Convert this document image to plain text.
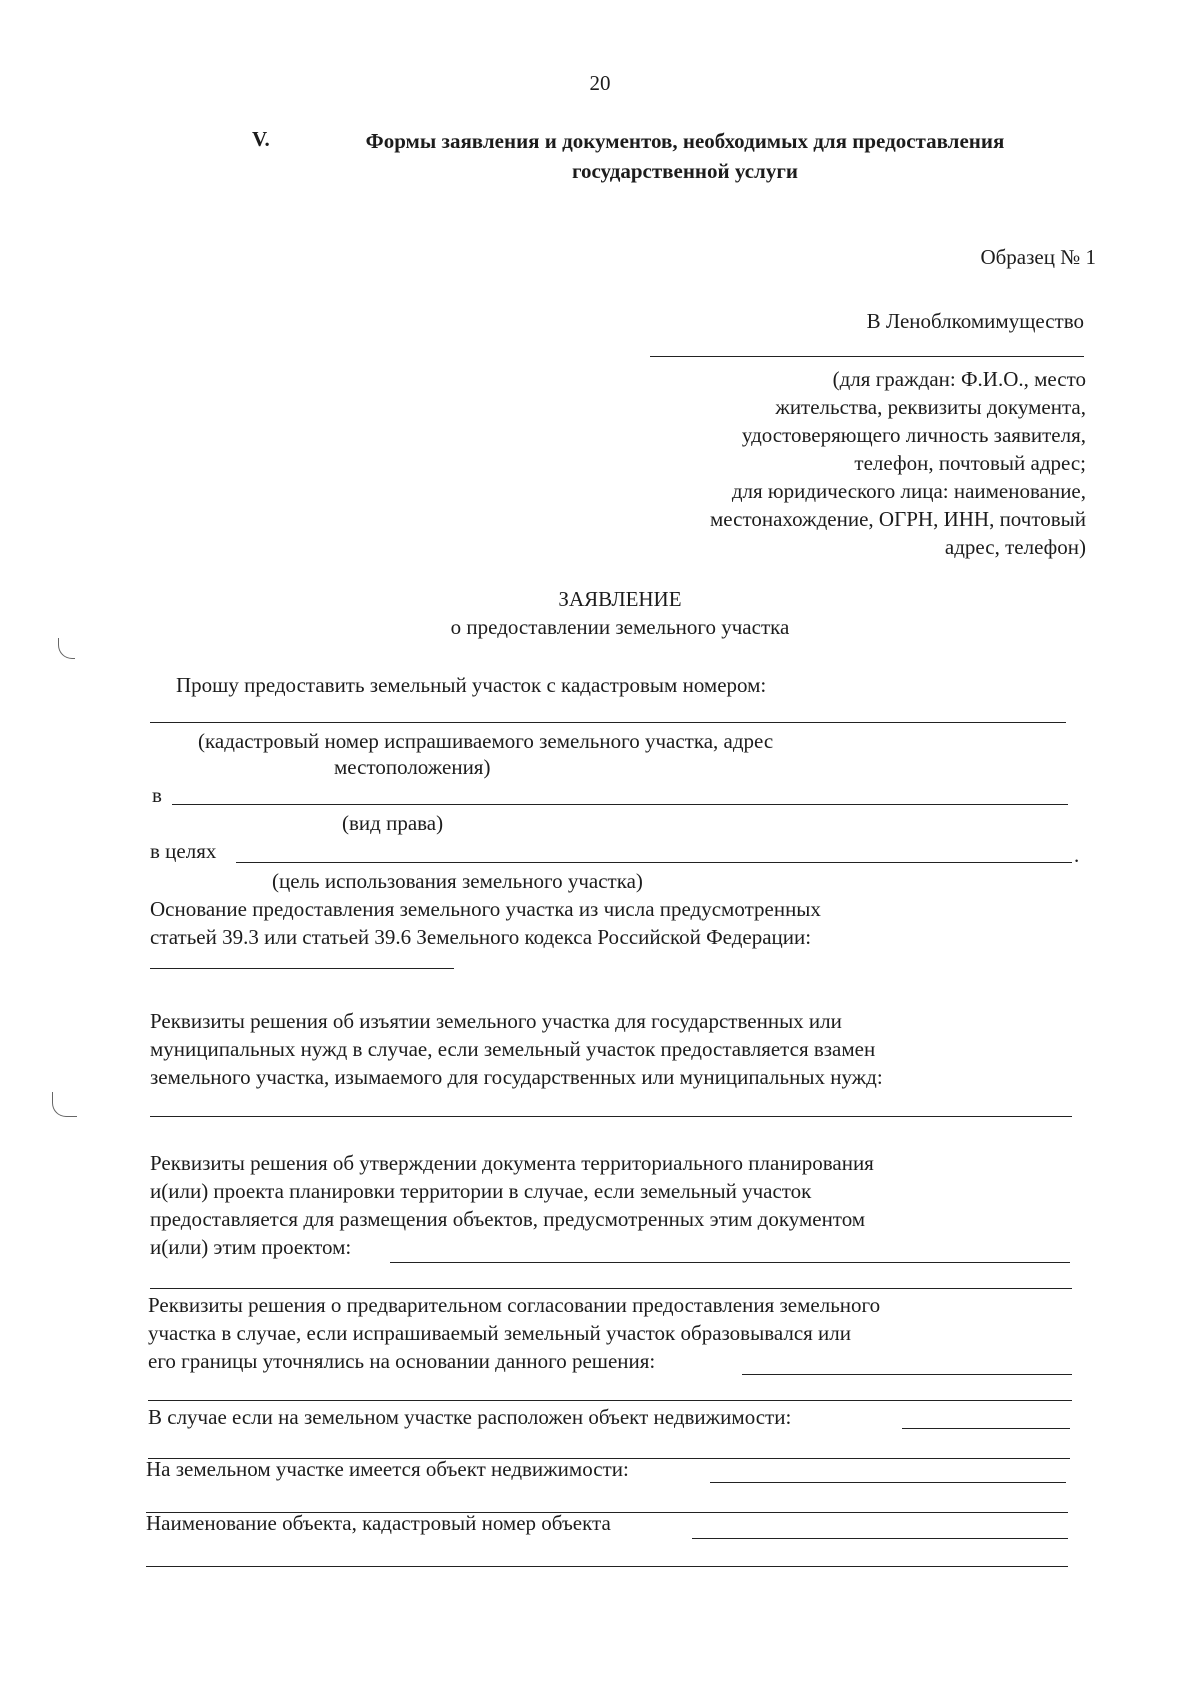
20
V.	Формы заявления и документов, необходимых для предоставления
государственной услуги
Образец № 1
В Леноблкомимущество
(для граждан: Ф.И.О., место
жительства, реквизиты документа,
удостоверяющего личность заявителя,
телефон, почтовый адрес;
для юридического лица: наименование,
местонахождение, ОГРН, ИНН, почтовый
адрес, телефон)
ЗАЯВЛЕНИЕ
о предоставлении земельного участка
Прошу предоставить земельный участок с кадастровым номером:
(кадастровый номер испрашиваемого земельного участка, адрес
местоположения)
в
(вид права)
в целях	.
(цель использования земельного участка)
Основание предоставления земельного участка из числа предусмотренных
статьей 39.3 или статьей 39.6 Земельного кодекса Российской Федерации:
Реквизиты решения об изъятии земельного участка для государственных или
муниципальных нужд в случае, если земельный участок предоставляется взамен
земельного участка, изымаемого для государственных или муниципальных нужд:
Реквизиты решения об утверждении документа территориального планирования
и(или) проекта планировки территории в случае, если земельный участок
предоставляется для размещения объектов, предусмотренных этим документом
и(или) этим проектом:
Реквизиты решения о предварительном согласовании предоставления земельного
участка в случае, если испрашиваемый земельный участок образовывался или
его границы уточнялись на основании данного решения:
В случае если на земельном участке расположен объект недвижимости:
На земельном участке имеется объект недвижимости:
Наименование объекта, кадастровый номер объекта
